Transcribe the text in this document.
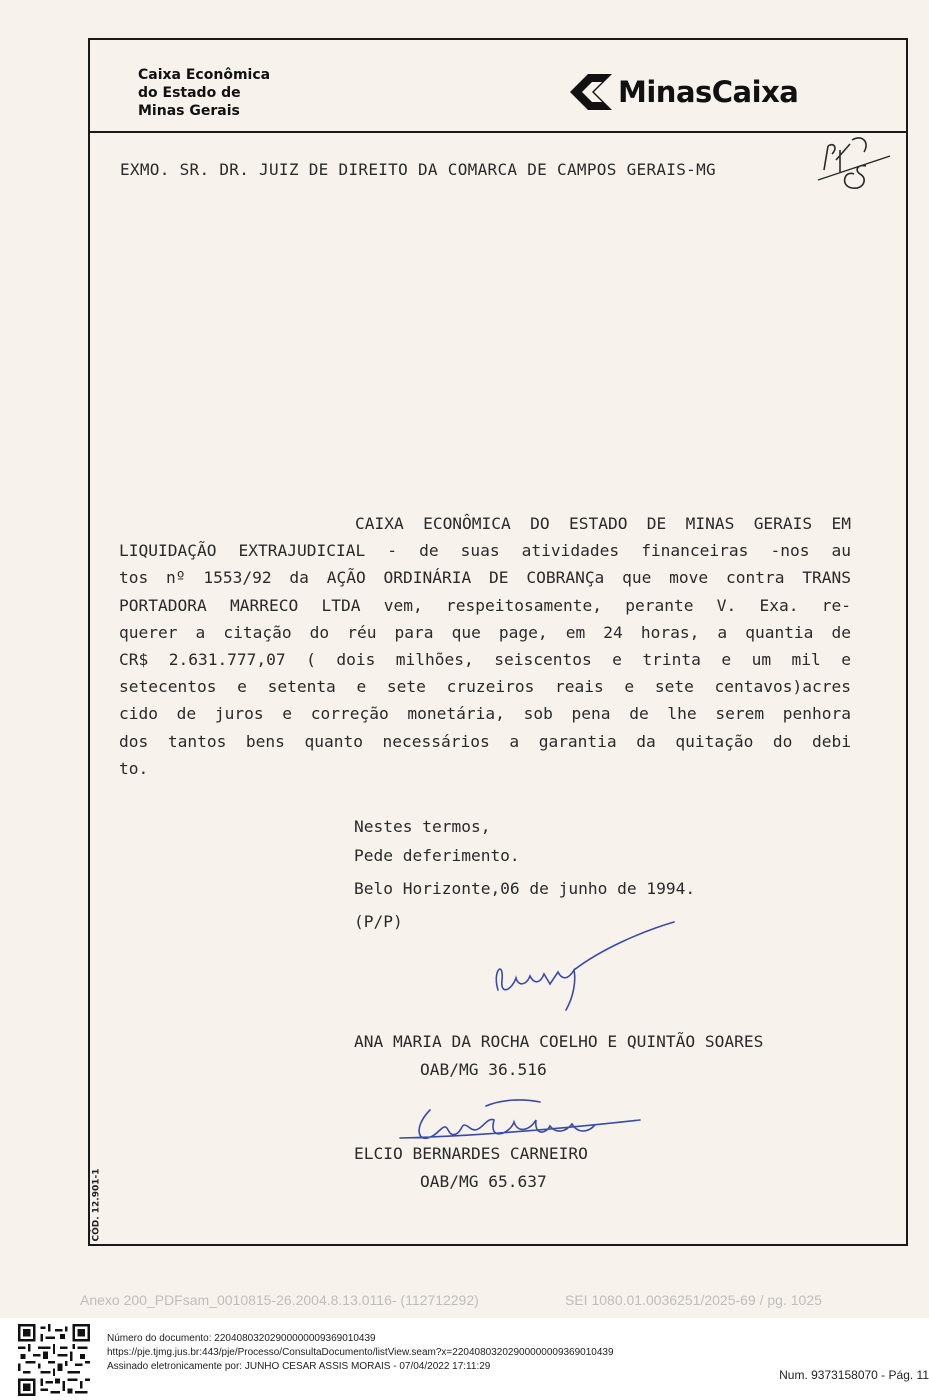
Caixa Econômica
do Estado de
Minas Gerais
MinasCaixa
EXMO. SR. DR. JUIZ DE DIREITO DA COMARCA DE CAMPOS GERAIS-MG
CAIXA ECONÔMICA DO ESTADO DE MINAS GERAIS EM
LIQUIDAÇÃO EXTRAJUDICIAL - de suas atividades financeiras -nos au
tos nº 1553/92 da AÇÃO ORDINÁRIA DE COBRANÇa que move contra TRANS
PORTADORA MARRECO LTDA vem, respeitosamente, perante V. Exa. re-
querer a citação do réu para que page, em 24 horas, a quantia de
CR$ 2.631.777,07 ( dois milhões, seiscentos e trinta e um mil e
setecentos e setenta e sete cruzeiros reais e sete centavos)acres
cido de juros e correção monetária, sob pena de lhe serem penhora
dos tantos bens quanto necessários a garantia da quitação do debi
to.
Nestes termos,
Pede deferimento.
Belo Horizonte,06 de junho de 1994.
(P/P)
ANA MARIA DA ROCHA COELHO E QUINTÃO SOARES
OAB/MG 36.516
ELCIO BERNARDES CARNEIRO
OAB/MG 65.637
CÓD. 12.901-1
Anexo 200_PDFsam_0010815-26.2004.8.13.0116- (112712292)	SEI 1080.01.0036251/2025-69 / pg. 1025
Número do documento: 22040803202900000009369010439
https://pje.tjmg.jus.br:443/pje/Processo/ConsultaDocumento/listView.seam?x=22040803202900000009369010439
Assinado eletronicamente por: JUNHO CESAR ASSIS MORAIS - 07/04/2022 17:11:29
Num. 9373158070 - Pág. 11
